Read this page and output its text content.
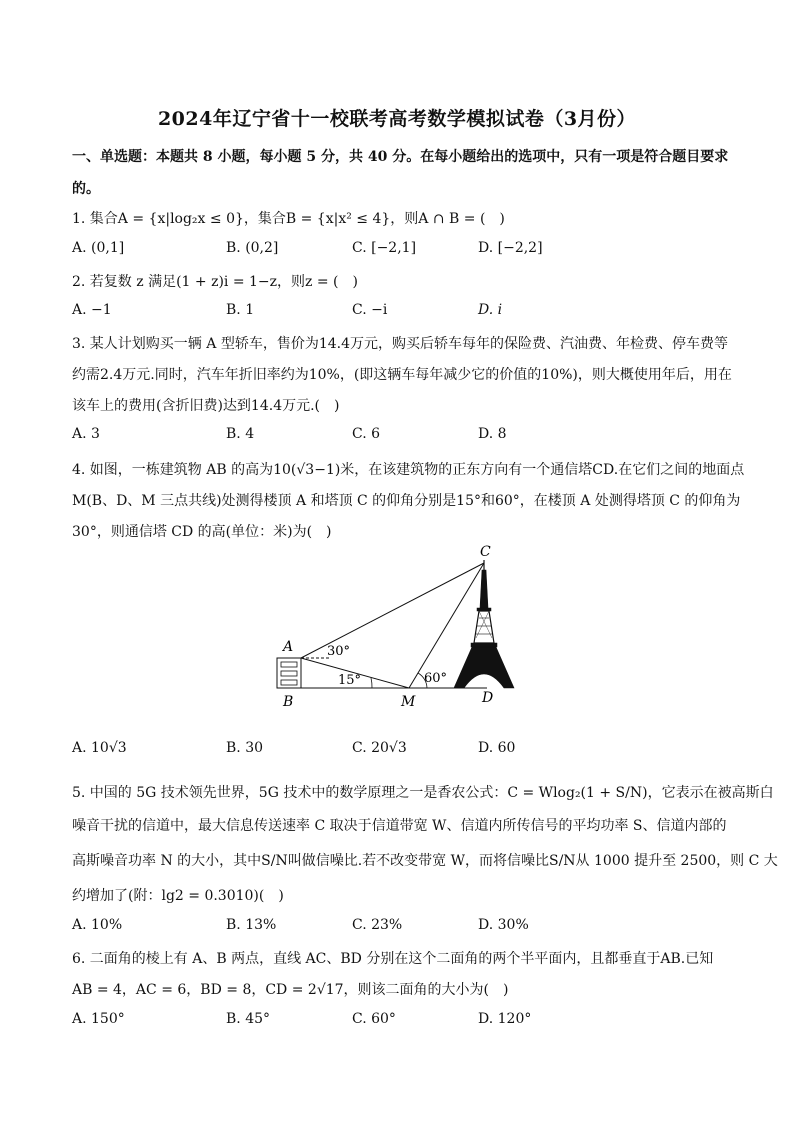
2024年辽宁省十一校联考高考数学模拟试卷（3月份）
一、单选题：本题共 8 小题，每小题 5 分，共 40 分。在每小题给出的选项中，只有一项是符合题目要求
的。
1. 集合A = {x|log₂x ≤ 0}，集合B = {x|x² ≤ 4}，则A ∩ B = (　)
A. (0,1]	B. (0,2]	C. [−2,1]	D. [−2,2]
2. 若复数 z 满足(1 + z)i = 1−z，则z = (　)
A. −1	B. 1	C. −i	D. i
3. 某人计划购买一辆 A 型轿车，售价为14.4万元，购买后轿车每年的保险费、汽油费、年检费、停车费等
约需2.4万元.同时，汽车年折旧率约为10%，(即这辆车每年减少它的价值的10%)，则大概使用年后，用在
该车上的费用(含折旧费)达到14.4万元.(　)
A. 3	B. 4	C. 6	D. 8
4. 如图，一栋建筑物 AB 的高为10(√3−1)米，在该建筑物的正东方向有一个通信塔CD.在它们之间的地面点
M(B、D、M 三点共线)处测得楼顶 A 和塔顶 C 的仰角分别是15°和60°，在楼顶 A 处测得塔顶 C 的仰角为
30°，则通信塔 CD 的高(单位：米)为(　)
C
A
B	M	D
30°
15°	60°
A. 10√3	B. 30	C. 20√3	D. 60
5. 中国的 5G 技术领先世界，5G 技术中的数学原理之一是香农公式：C = Wlog₂(1 + S/N)，它表示在被高斯白
噪音干扰的信道中，最大信息传送速率 C 取决于信道带宽 W、信道内所传信号的平均功率 S、信道内部的
高斯噪音功率 N 的大小，其中S/N叫做信噪比.若不改变带宽 W，而将信噪比S/N从 1000 提升至 2500，则 C 大
约增加了(附：lg2 = 0.3010)(　)
A. 10%	B. 13%	C. 23%	D. 30%
6. 二面角的棱上有 A、B 两点，直线 AC、BD 分别在这个二面角的两个半平面内，且都垂直于AB.已知
AB = 4，AC = 6，BD = 8，CD = 2√17，则该二面角的大小为(　)
A. 150°	B. 45°	C. 60°	D. 120°
